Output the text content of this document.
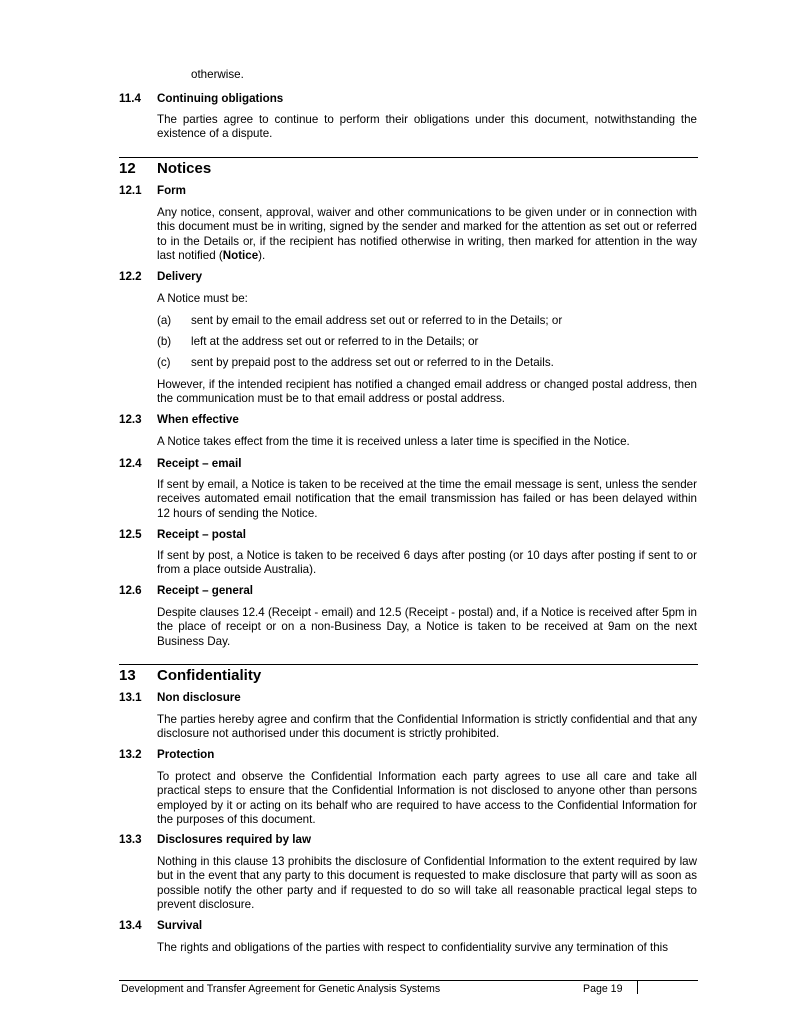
otherwise.
11.4 Continuing obligations
The parties agree to continue to perform their obligations under this document, notwithstanding the existence of a dispute.
12 Notices
12.1 Form
Any notice, consent, approval, waiver and other communications to be given under or in connection with this document must be in writing, signed by the sender and marked for the attention as set out or referred to in the Details or, if the recipient has notified otherwise in writing, then marked for attention in the way last notified (Notice).
12.2 Delivery
A Notice must be:
(a) sent by email to the email address set out or referred to in the Details; or
(b) left at the address set out or referred to in the Details; or
(c) sent by prepaid post to the address set out or referred to in the Details.
However, if the intended recipient has notified a changed email address or changed postal address, then the communication must be to that email address or postal address.
12.3 When effective
A Notice takes effect from the time it is received unless a later time is specified in the Notice.
12.4 Receipt – email
If sent by email, a Notice is taken to be received at the time the email message is sent, unless the sender receives automated email notification that the email transmission has failed or has been delayed within 12 hours of sending the Notice.
12.5 Receipt – postal
If sent by post, a Notice is taken to be received 6 days after posting (or 10 days after posting if sent to or from a place outside Australia).
12.6 Receipt – general
Despite clauses 12.4 (Receipt - email) and 12.5 (Receipt - postal) and, if a Notice is received after 5pm in the place of receipt or on a non-Business Day, a Notice is taken to be received at 9am on the next Business Day.
13 Confidentiality
13.1 Non disclosure
The parties hereby agree and confirm that the Confidential Information is strictly confidential and that any disclosure not authorised under this document is strictly prohibited.
13.2 Protection
To protect and observe the Confidential Information each party agrees to use all care and take all practical steps to ensure that the Confidential Information is not disclosed to anyone other than persons employed by it or acting on its behalf who are required to have access to the Confidential Information for the purposes of this document.
13.3 Disclosures required by law
Nothing in this clause 13 prohibits the disclosure of Confidential Information to the extent required by law but in the event that any party to this document is requested to make disclosure that party will as soon as possible notify the other party and if requested to do so will take all reasonable practical legal steps to prevent disclosure.
13.4 Survival
The rights and obligations of the parties with respect to confidentiality survive any termination of this
Development and Transfer Agreement for Genetic Analysis Systems	Page 19
